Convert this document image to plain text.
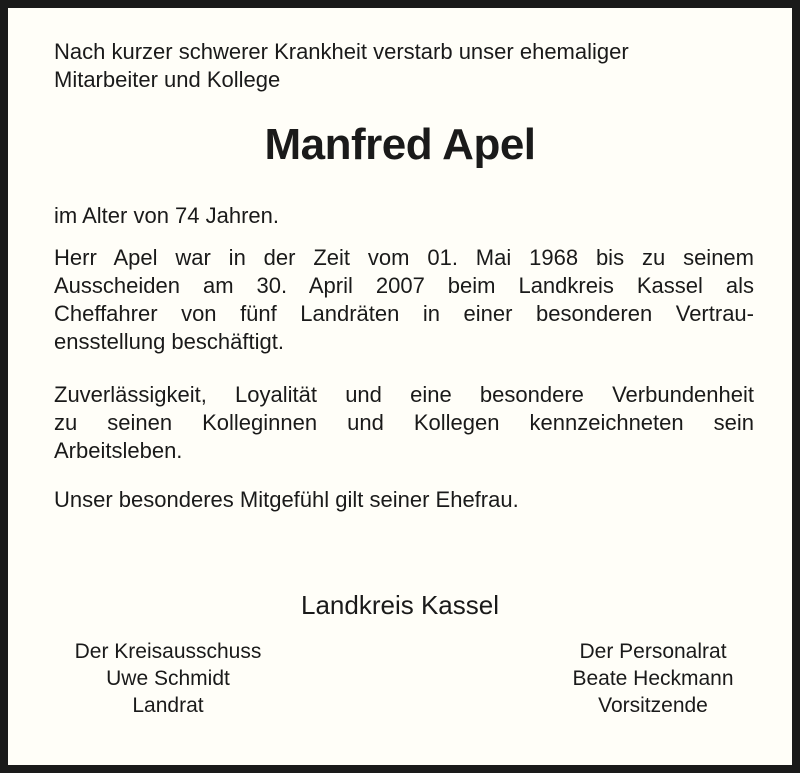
Nach kurzer schwerer Krankheit verstarb unser ehemaliger
Mitarbeiter und Kollege

Manfred Apel

im Alter von 74 Jahren.

Herr Apel war in der Zeit vom 01. Mai 1968 bis zu seinem
Ausscheiden am 30. April 2007 beim Landkreis Kassel als
Cheffahrer von fünf Landräten in einer besonderen Vertrau-
ensstellung beschäftigt.

Zuverlässigkeit, Loyalität und eine besondere Verbundenheit
zu seinen Kolleginnen und Kollegen kennzeichneten sein
Arbeitsleben.

Unser besonderes Mitgefühl gilt seiner Ehefrau.

Landkreis Kassel

Der Kreisausschuss
Uwe Schmidt
Landrat
Der Personalrat
Beate Heckmann
Vorsitzende
